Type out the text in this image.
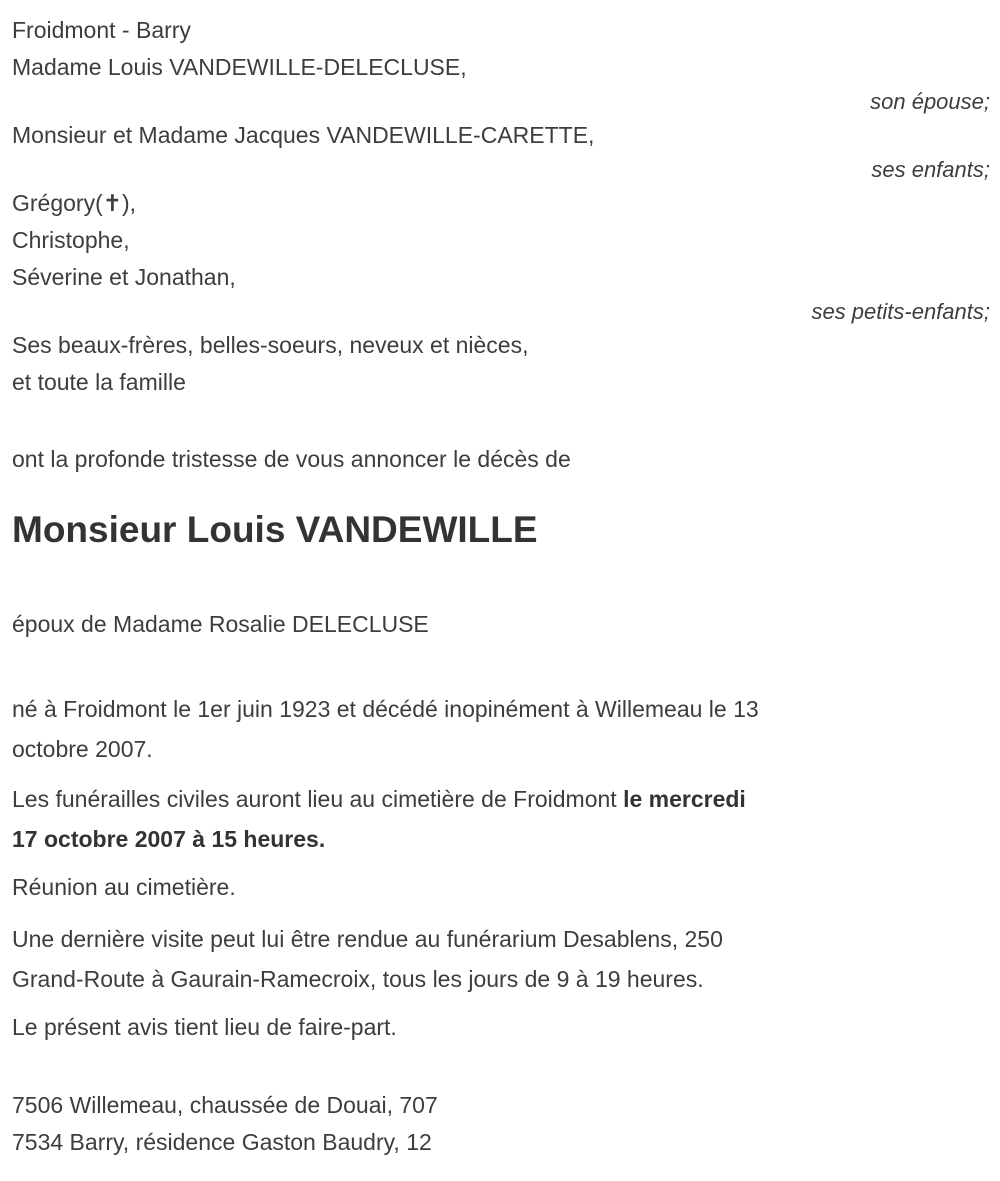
Froidmont - Barry

Madame Louis VANDEWILLE-DELECLUSE,

son épouse;

Monsieur et Madame Jacques VANDEWILLE-CARETTE,

ses enfants;

Grégory(✝),

Christophe,

Séverine et Jonathan,

ses petits-enfants;

Ses beaux-frères, belles-soeurs, neveux et nièces,

et toute la famille

ont la profonde tristesse de vous annoncer le décès de

Monsieur Louis VANDEWILLE

époux de Madame Rosalie DELECLUSE

né à Froidmont le 1er juin 1923 et décédé inopinément à Willemeau le 13
octobre 2007.

Les funérailles civiles auront lieu au cimetière de Froidmont le mercredi
17 octobre 2007 à 15 heures.

Réunion au cimetière.

Une dernière visite peut lui être rendue au funérarium Desablens, 250
Grand-Route à Gaurain-Ramecroix, tous les jours de 9 à 19 heures.

Le présent avis tient lieu de faire-part.

7506 Willemeau, chaussée de Douai, 707

7534 Barry, résidence Gaston Baudry, 12
